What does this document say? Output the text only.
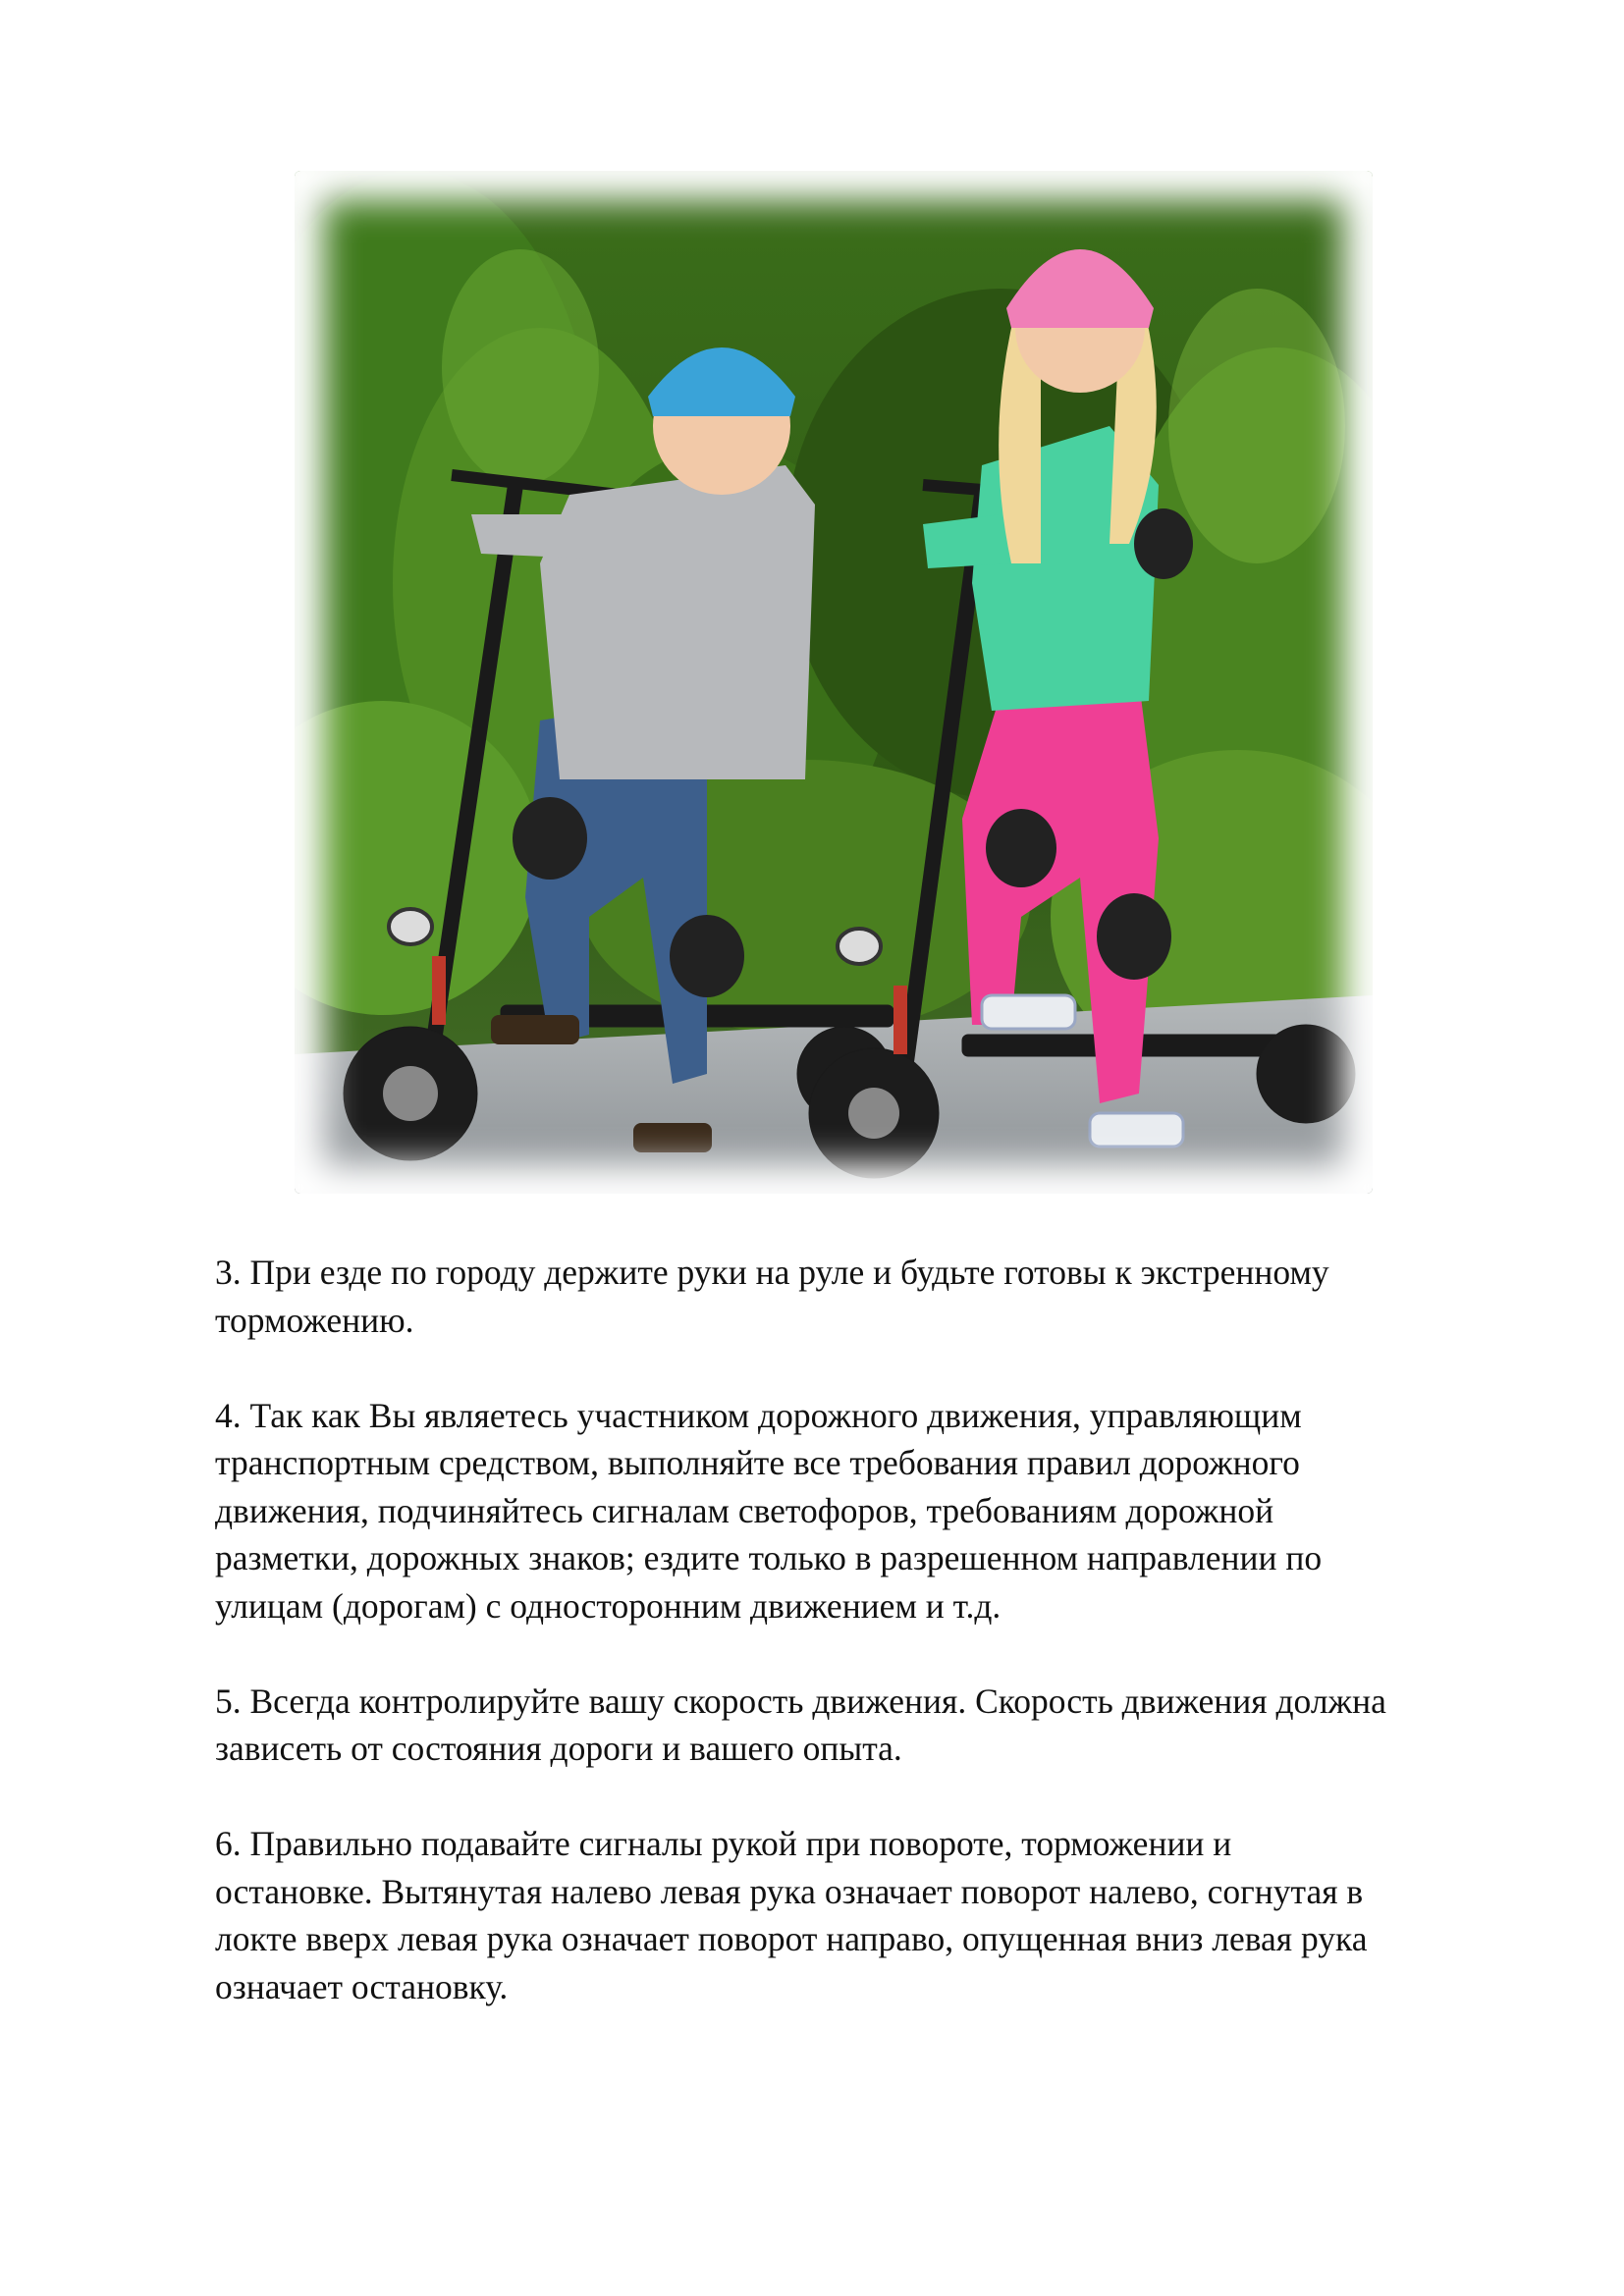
3. При езде по городу держите руки на руле и будьте готовы к экстренному
торможению.

4. Так как Вы являетесь участником дорожного движения, управляющим
транспортным средством, выполняйте все требования правил дорожного
движения, подчиняйтесь сигналам светофоров, требованиям дорожной
разметки, дорожных знаков; ездите только в разрешенном направлении по
улицам (дорогам) с односторонним движением и т.д.

5. Всегда контролируйте вашу скорость движения. Скорость движения должна
зависеть от состояния дороги и вашего опыта.

6. Правильно подавайте сигналы рукой при повороте, торможении и
остановке. Вытянутая налево левая рука означает поворот налево, согнутая в
локте вверх левая рука означает поворот направо, опущенная вниз левая рука
означает остановку.
